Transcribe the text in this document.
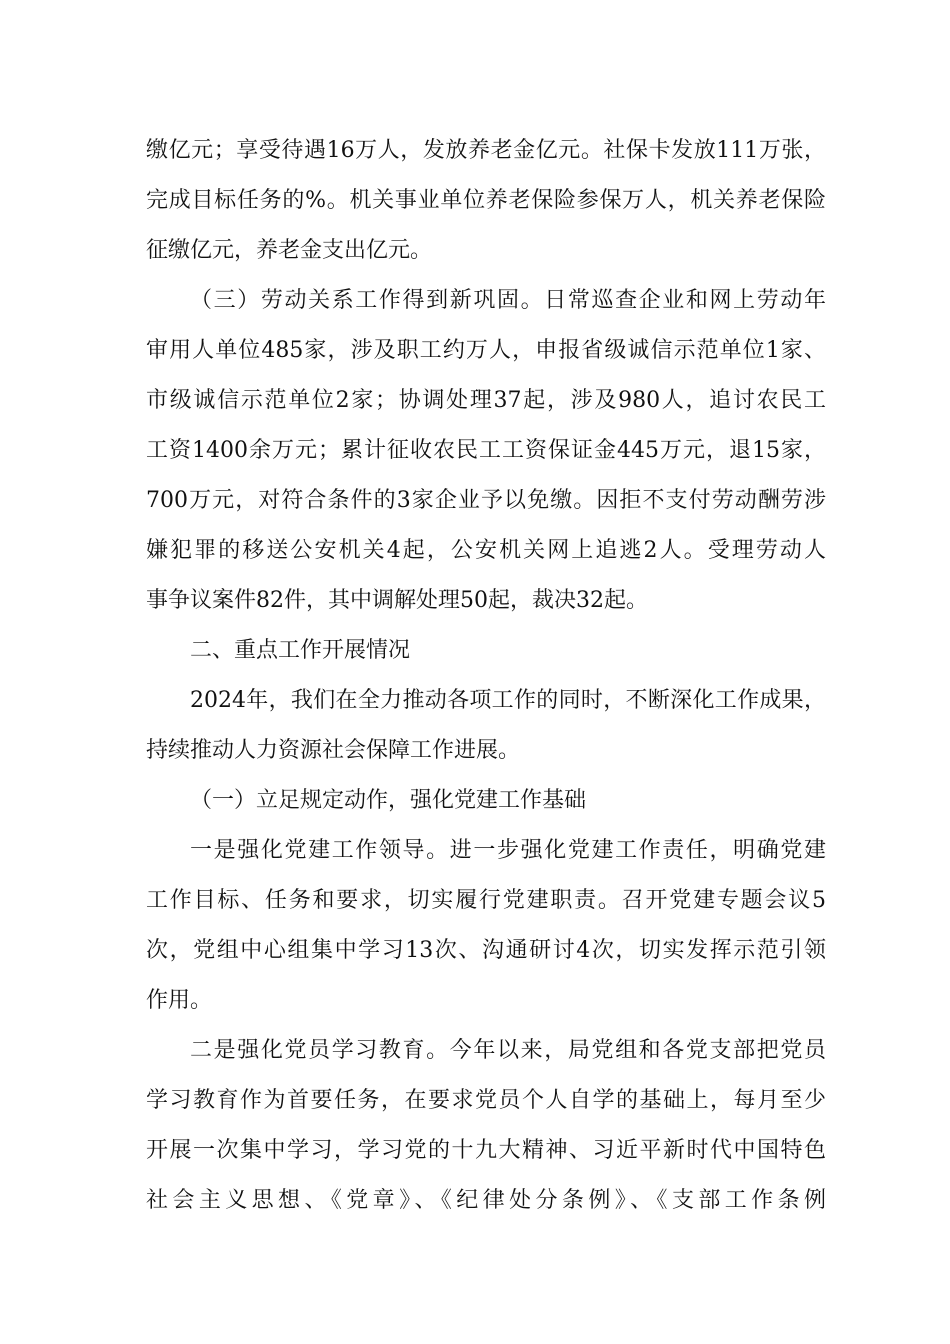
缴亿元；享受待遇16万人，发放养老金亿元。社保卡发放111万张，
完成目标任务的%。机关事业单位养老保险参保万人，机关养老保险
征缴亿元，养老金支出亿元。
（三）劳动关系工作得到新巩固。日常巡查企业和网上劳动年
审用人单位485家，涉及职工约万人，申报省级诚信示范单位1家、
市级诚信示范单位2家；协调处理37起，涉及980人，追讨农民工
工资1400余万元；累计征收农民工工资保证金445万元，退15家，
700万元，对符合条件的3家企业予以免缴。因拒不支付劳动酬劳涉
嫌犯罪的移送公安机关4起，公安机关网上追逃2人。受理劳动人
事争议案件82件，其中调解处理50起，裁决32起。
二、重点工作开展情况
2024年，我们在全力推动各项工作的同时，不断深化工作成果，
持续推动人力资源社会保障工作进展。
（一）立足规定动作，强化党建工作基础
一是强化党建工作领导。进一步强化党建工作责任，明确党建
工作目标、任务和要求，切实履行党建职责。召开党建专题会议5
次，党组中心组集中学习13次、沟通研讨4次，切实发挥示范引领
作用。
二是强化党员学习教育。今年以来，局党组和各党支部把党员
学习教育作为首要任务，在要求党员个人自学的基础上，每月至少
开展一次集中学习，学习党的十九大精神、习近平新时代中国特色
社会主义思想、《党章》、《纪律处分条例》、《支部工作条例
